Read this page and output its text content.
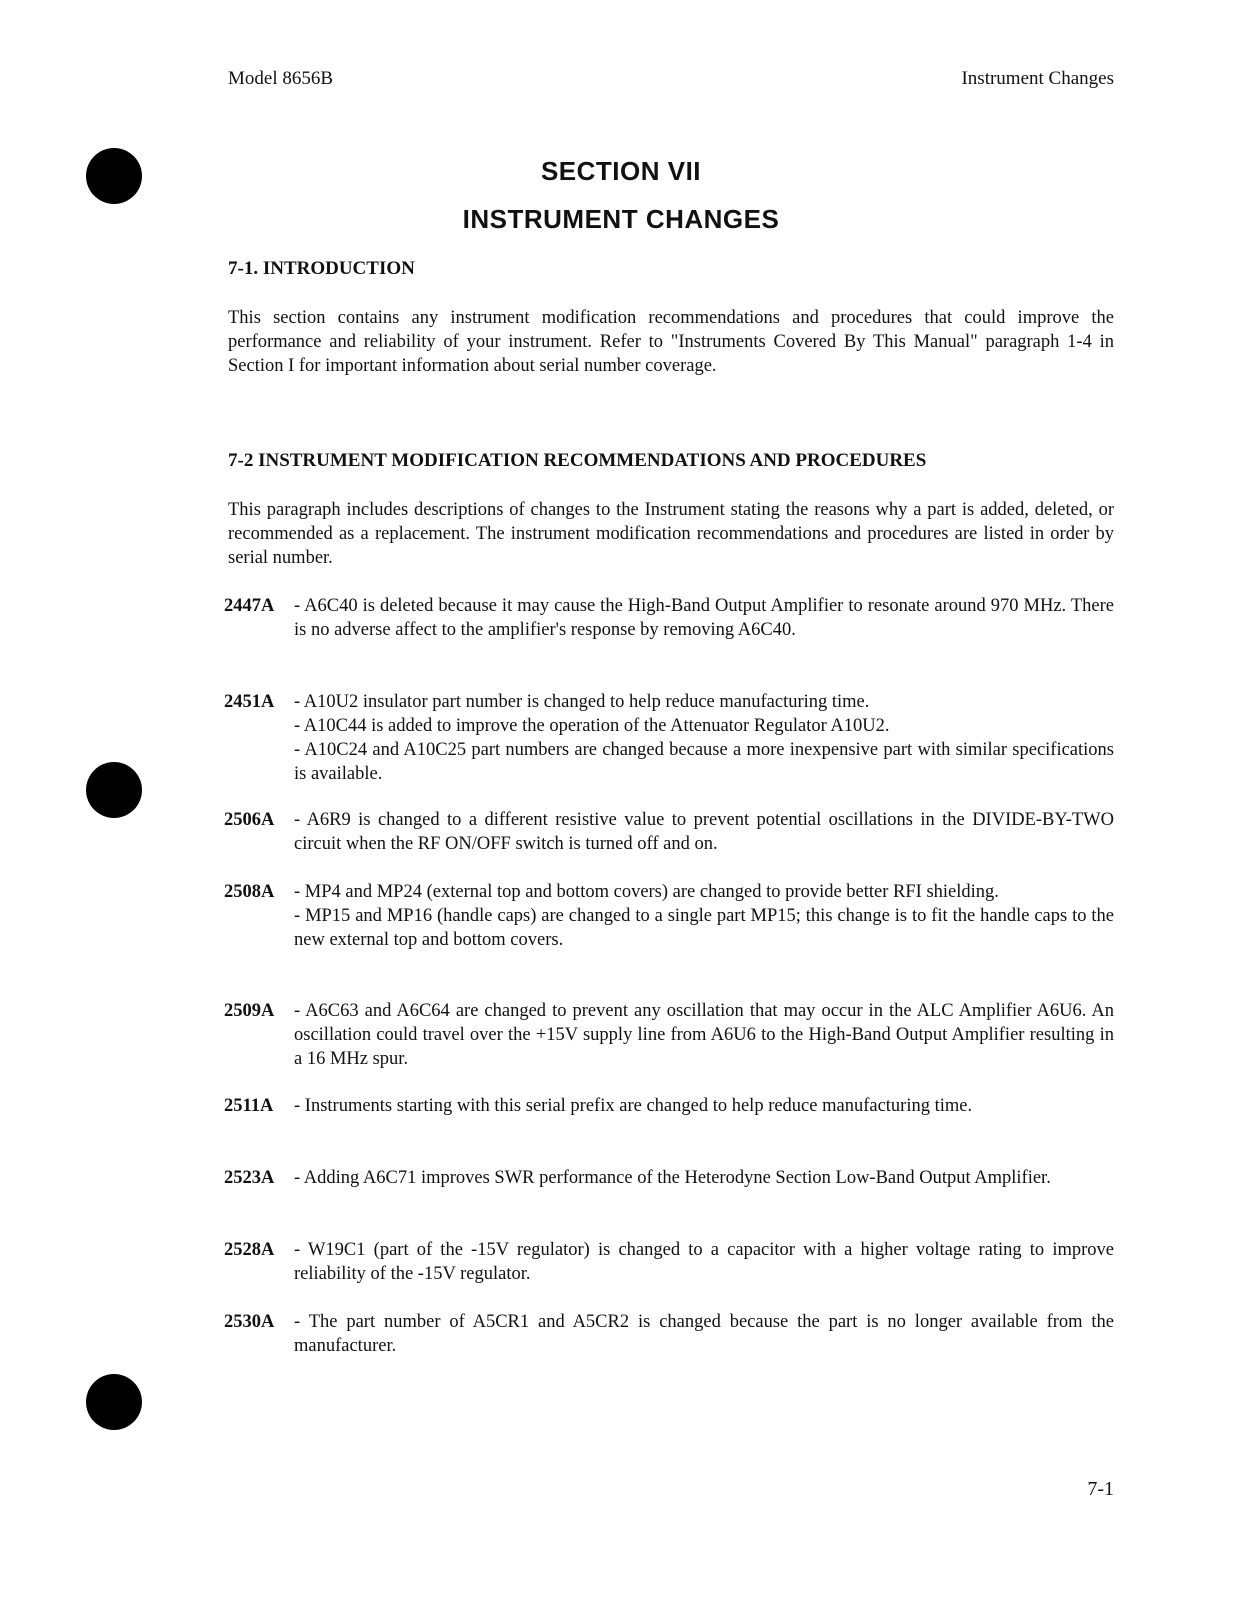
Model 8656B	Instrument Changes
SECTION VII
INSTRUMENT CHANGES
7-1. INTRODUCTION

This section contains any instrument modification recommendations and procedures that could improve the performance and reliability of your instrument. Refer to "Instruments Covered By This Manual" paragraph 1-4 in Section I for important information about serial number coverage.

7-2 INSTRUMENT MODIFICATION RECOMMENDATIONS AND PROCEDURES

This paragraph includes descriptions of changes to the Instrument stating the reasons why a part is added, deleted, or recommended as a replacement. The instrument modification recommendations and procedures are listed in order by serial number.

2447A	- A6C40 is deleted because it may cause the High-Band Output Amplifier to resonate around 970 MHz. There is no adverse affect to the amplifier's response by removing A6C40.
2451A	- A10U2 insulator part number is changed to help reduce manufacturing time.
- A10C44 is added to improve the operation of the Attenuator Regulator A10U2.
- A10C24 and A10C25 part numbers are changed because a more inexpensive part with similar specifications is available.
2506A	- A6R9 is changed to a different resistive value to prevent potential oscillations in the DIVIDE-BY-TWO circuit when the RF ON/OFF switch is turned off and on.
2508A	- MP4 and MP24 (external top and bottom covers) are changed to provide better RFI shielding.
- MP15 and MP16 (handle caps) are changed to a single part MP15; this change is to fit the handle caps to the new external top and bottom covers.
2509A	- A6C63 and A6C64 are changed to prevent any oscillation that may occur in the ALC Amplifier A6U6. An oscillation could travel over the +15V supply line from A6U6 to the High-Band Output Amplifier resulting in a 16 MHz spur.
2511A	- Instruments starting with this serial prefix are changed to help reduce manufacturing time.
2523A	- Adding A6C71 improves SWR performance of the Heterodyne Section Low-Band Output Amplifier.
2528A	- W19C1 (part of the -15V regulator) is changed to a capacitor with a higher voltage rating to improve reliability of the -15V regulator.
2530A	- The part number of A5CR1 and A5CR2 is changed because the part is no longer available from the manufacturer.
7-1
